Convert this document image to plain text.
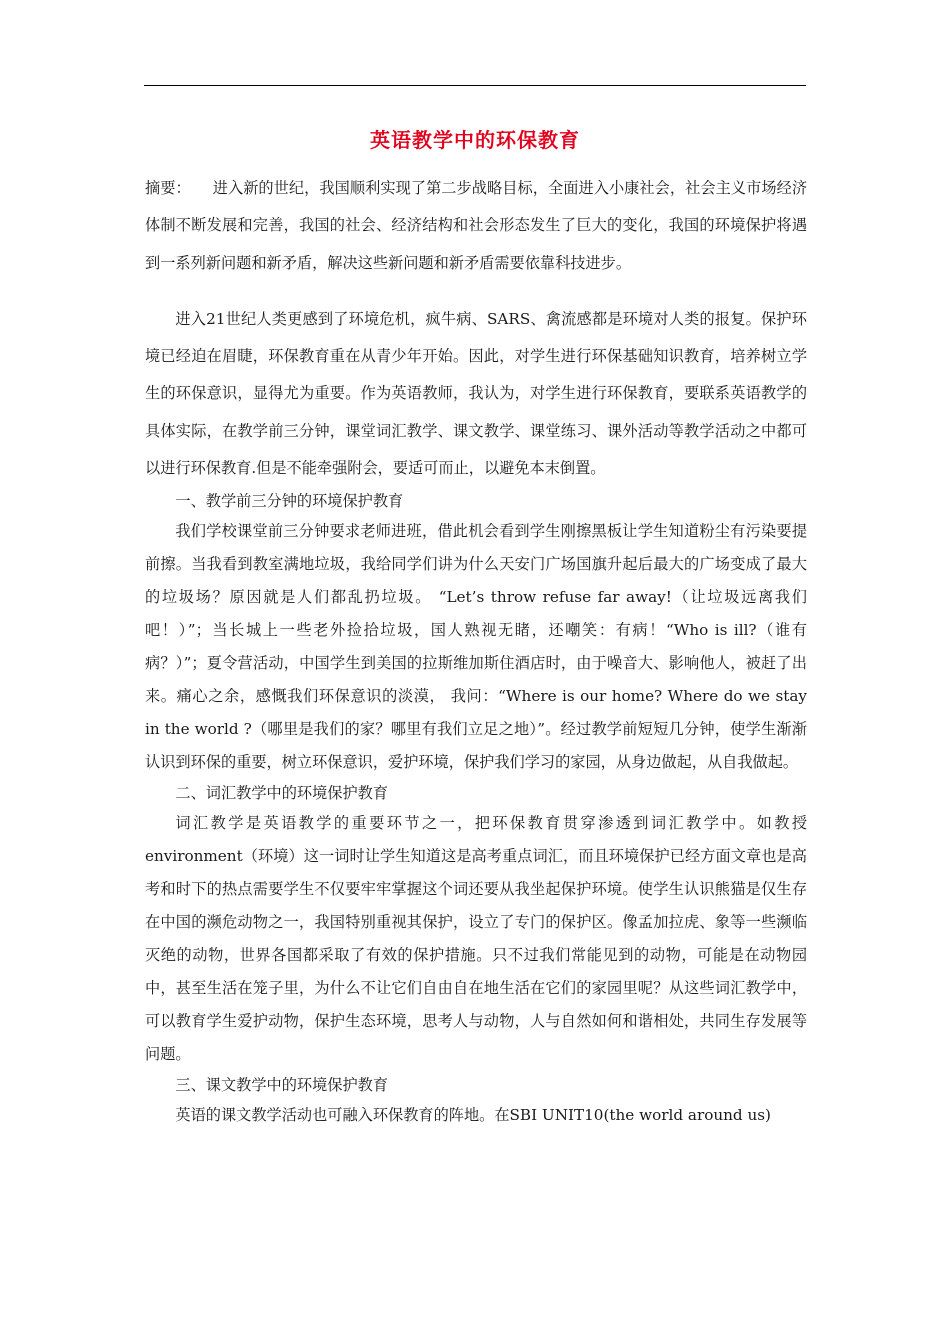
英语教学中的环保教育
摘要： 进入新的世纪，我国顺利实现了第二步战略目标，全面进入小康社会，社会主义市场经济体制不断发展和完善，我国的社会、经济结构和社会形态发生了巨大的变化，我国的环境保护将遇到一系列新问题和新矛盾，解决这些新问题和新矛盾需要依靠科技进步。

进入21世纪人类更感到了环境危机，疯牛病、SARS、禽流感都是环境对人类的报复。保护环境已经迫在眉睫，环保教育重在从青少年开始。因此，对学生进行环保基础知识教育，培养树立学生的环保意识，显得尤为重要。作为英语教师，我认为，对学生进行环保教育，要联系英语教学的具体实际，在教学前三分钟，课堂词汇教学、课文教学、课堂练习、课外活动等教学活动之中都可以进行环保教育.但是不能牵强附会，要适可而止，以避免本末倒置。

一、教学前三分钟的环境保护教育

我们学校课堂前三分钟要求老师进班，借此机会看到学生刚擦黑板让学生知道粉尘有污染要提前擦。当我看到教室满地垃圾，我给同学们讲为什么天安门广场国旗升起后最大的广场变成了最大的垃圾场？原因就是人们都乱扔垃圾。 “Let’s throw refuse far away!（让垃圾远离我们吧！）”；当长城上一些老外捡拾垃圾，国人熟视无睹，还嘲笑：有病！“Who is ill?（谁有病？）”；夏令营活动，中国学生到美国的拉斯维加斯住酒店时，由于噪音大、影响他人，被赶了出来。痛心之余，感慨我们环保意识的淡漠， 我问：“Where is our home? Where do we stay in the world ?（哪里是我们的家？哪里有我们立足之地）”。经过教学前短短几分钟，使学生渐渐认识到环保的重要，树立环保意识，爱护环境，保护我们学习的家园，从身边做起，从自我做起。

二、词汇教学中的环境保护教育

词汇教学是英语教学的重要环节之一，把环保教育贯穿渗透到词汇教学中。如教授environment（环境）这一词时让学生知道这是高考重点词汇，而且环境保护已经方面文章也是高考和时下的热点需要学生不仅要牢牢掌握这个词还要从我坐起保护环境。使学生认识熊猫是仅生存在中国的濒危动物之一，我国特别重视其保护，设立了专门的保护区。像孟加拉虎、象等一些濒临灭绝的动物，世界各国都采取了有效的保护措施。只不过我们常能见到的动物，可能是在动物园中，甚至生活在笼子里，为什么不让它们自由自在地生活在它们的家园里呢？从这些词汇教学中，可以教育学生爱护动物，保护生态环境，思考人与动物，人与自然如何和谐相处，共同生存发展等问题。

三、课文教学中的环境保护教育

英语的课文教学活动也可融入环保教育的阵地。在SBI UNIT10(the world around us)
